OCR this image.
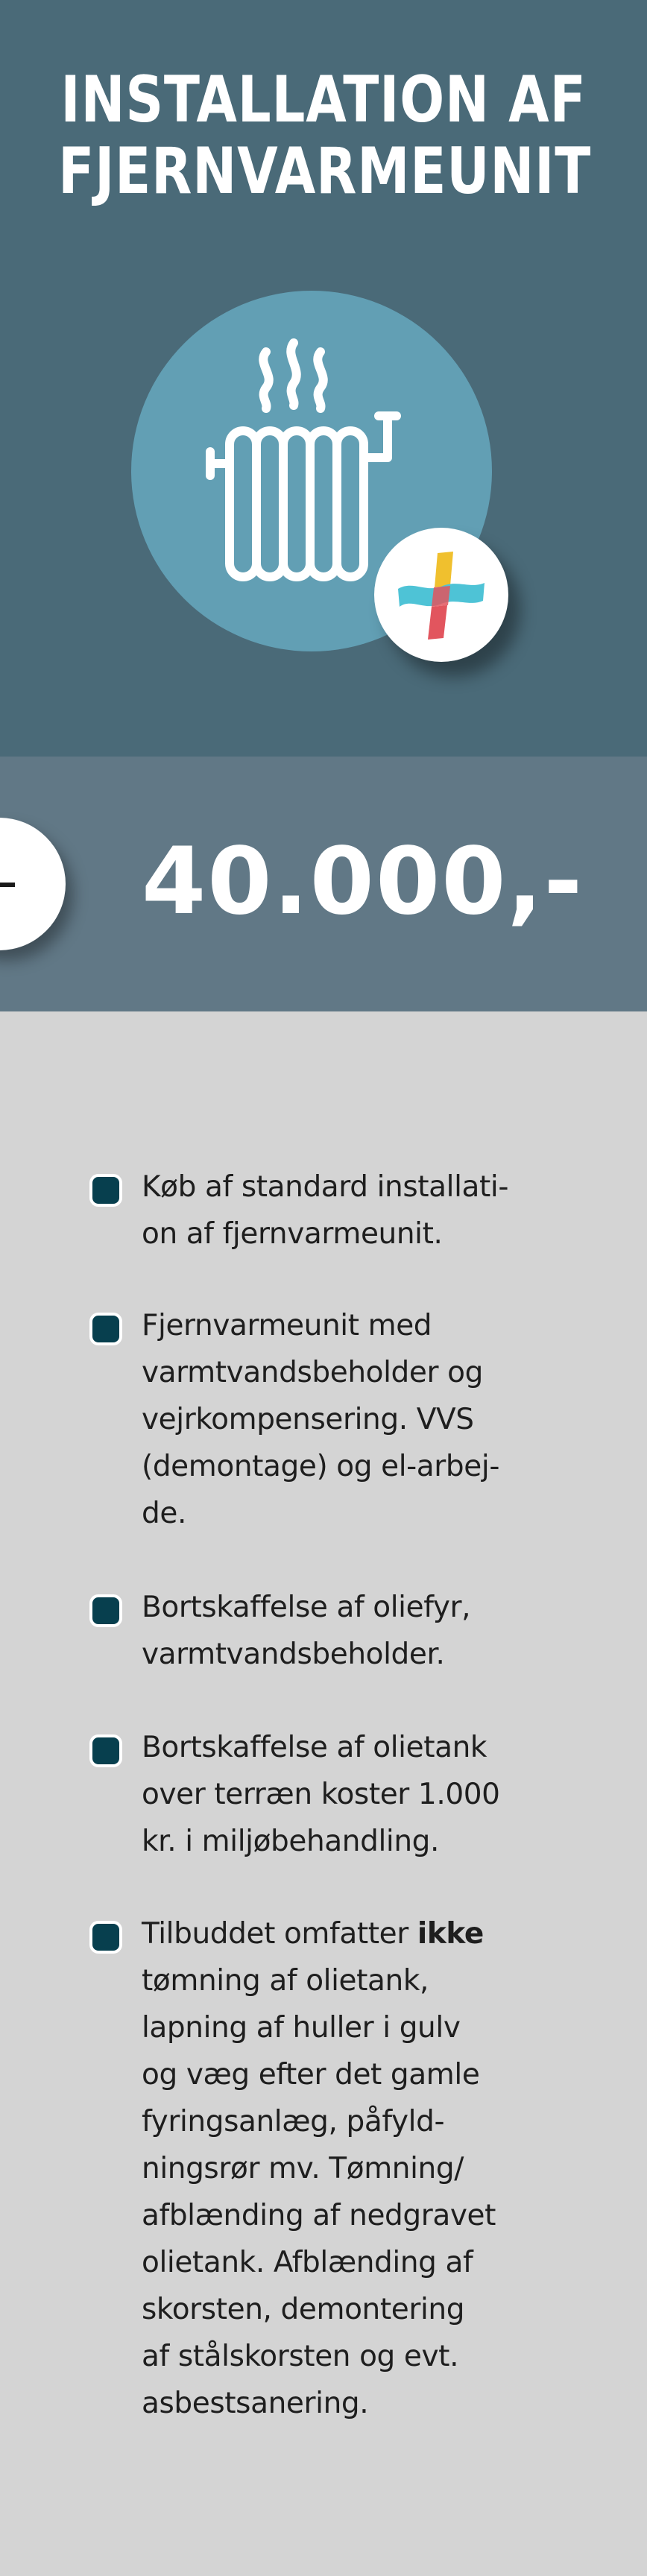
INSTALLATION AF
FJERNVARMEUNIT

40.000,-

Køb af standard installati-
on af fjernvarmeunit.

Fjernvarmeunit med
varmtvandsbeholder og
vejrkompensering. VVS
(demontage) og el-arbej-
de.

Bortskaffelse af oliefyr,
varmtvandsbeholder.

Bortskaffelse af olietank
over terræn koster 1.000
kr. i miljøbehandling.

Tilbuddet omfatter ikke
tømning af olietank,
lapning af huller i gulv
og væg efter det gamle
fyringsanlæg, påfyld-
ningsrør mv. Tømning/
afblænding af nedgravet
olietank. Afblænding af
skorsten, demontering
af stålskorsten og evt.
asbestsanering.
